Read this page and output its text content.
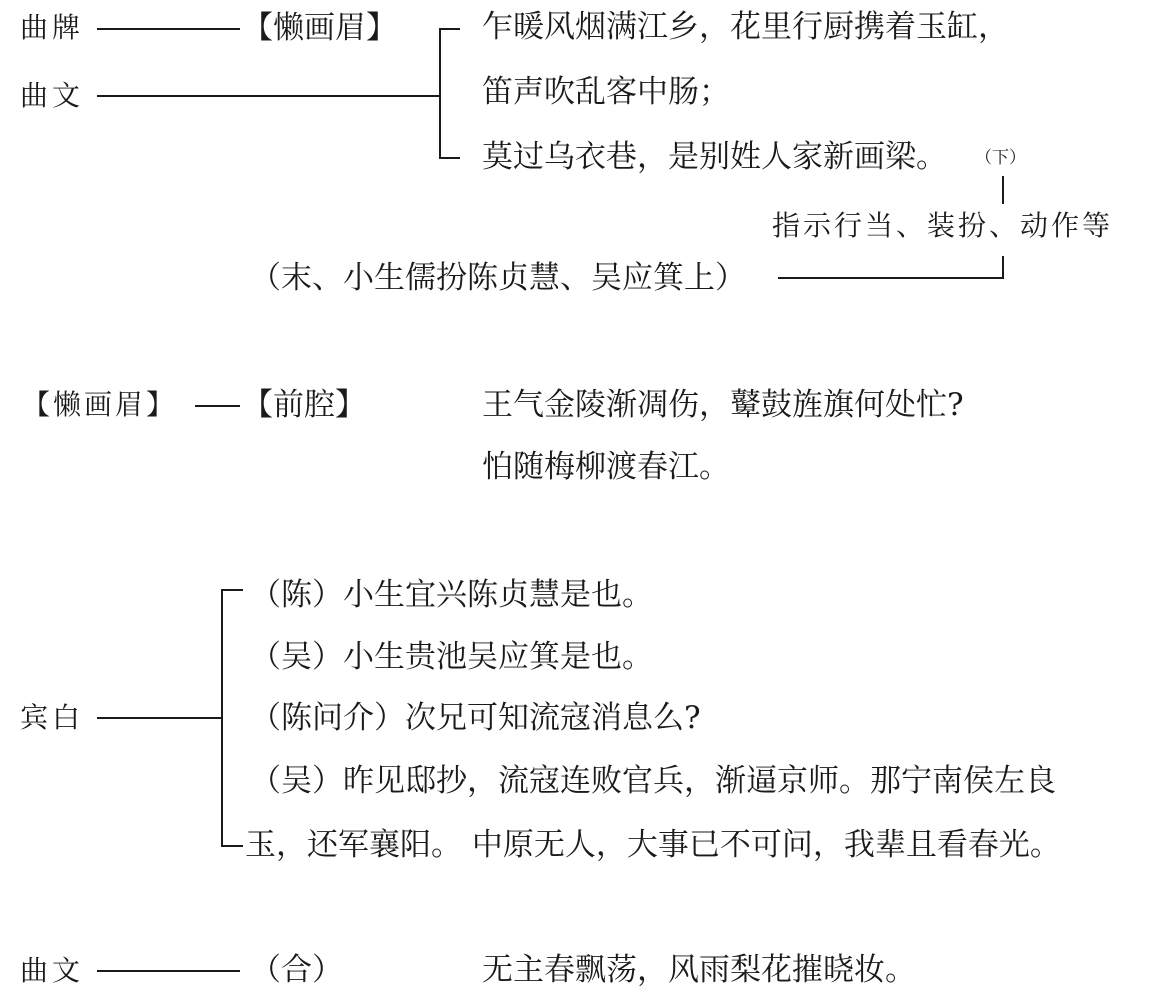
曲牌
曲文
【懒画眉】	乍暖风烟满江乡，花里行厨携着玉缸，
笛声吹乱客中肠；
莫过乌衣巷，是别姓人家新画梁。 （下）
指示行当、装扮、动作等
（末、小生儒扮陈贞慧、吴应箕上）
【懒画眉】 【前腔】	王气金陵渐凋伤，鼙鼓旌旗何处忙?
怕随梅柳渡春江。
宾白
（陈）小生宜兴陈贞慧是也。
（吴）小生贵池吴应箕是也。
（陈问介）次兄可知流寇消息么?
（吴）昨见邸抄，流寇连败官兵，渐逼京师。那宁南侯左良
玉，还军襄阳。 中原无人，大事已不可问，我辈且看春光。
曲文	（合）	无主春飘荡，风雨梨花摧晓妆。
